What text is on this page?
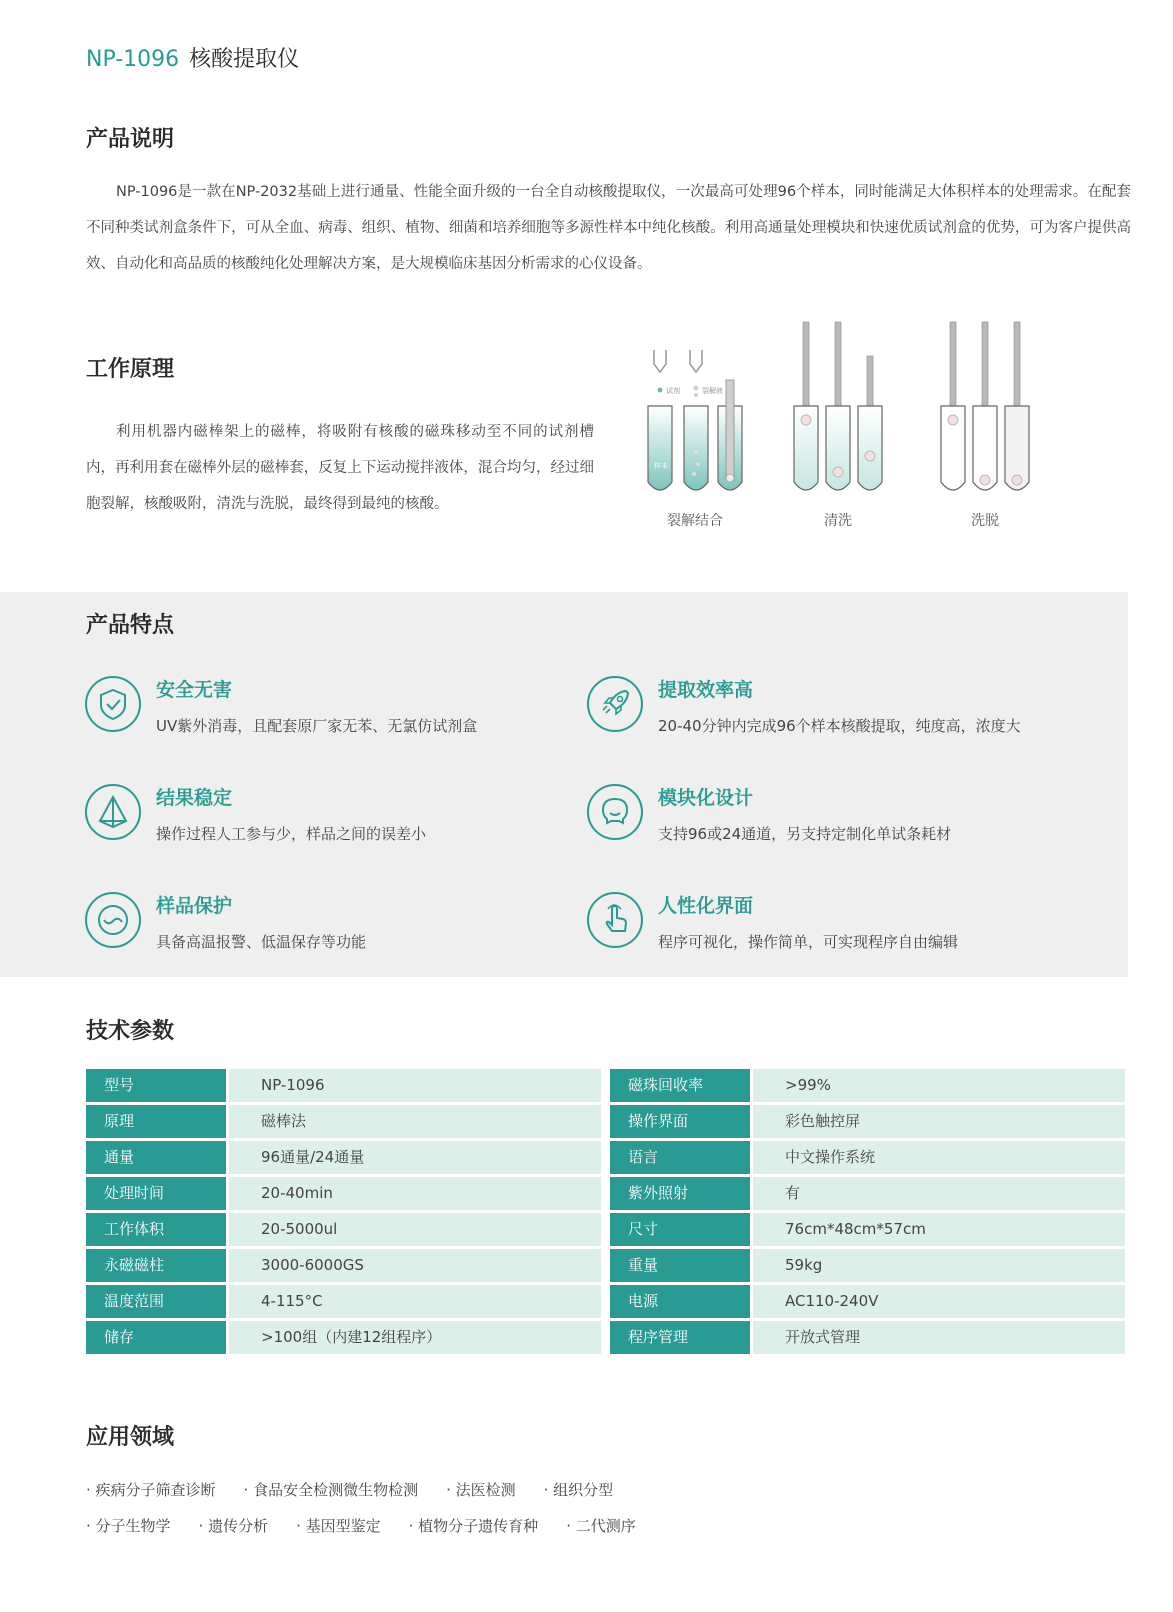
NP-1096 核酸提取仪
产品说明
NP-1096是一款在NP-2032基础上进行通量、性能全面升级的一台全自动核酸提取仪，一次最高可处理96个样本，同时能满足大体积样本的处理需求。在配套不同种类试剂盒条件下，可从全血、病毒、组织、植物、细菌和培养细胞等多源性样本中纯化核酸。利用高通量处理模块和快速优质试剂盒的优势，可为客户提供高效、自动化和高品质的核酸纯化处理解决方案，是大规模临床基因分析需求的心仪设备。
工作原理
利用机器内磁棒架上的磁棒，将吸附有核酸的磁珠移动至不同的试剂槽内，再利用套在磁棒外层的磁棒套，反复上下运动搅拌液体，混合均匀，经过细胞裂解，核酸吸附，清洗与洗脱，最终得到最纯的核酸。
试剂	裂解液
样本
裂解结合	清洗	洗脱
产品特点
安全无害
UV紫外消毒，且配套原厂家无苯、无氯仿试剂盒
提取效率高
20-40分钟内完成96个样本核酸提取，纯度高，浓度大
结果稳定
操作过程人工参与少，样品之间的误差小
模块化设计
支持96或24通道，另支持定制化单试条耗材
样品保护
具备高温报警、低温保存等功能
人性化界面
程序可视化，操作简单，可实现程序自由编辑
技术参数
型号	NP-1096
原理	磁棒法
通量	96通量/24通量
处理时间	20-40min
工作体积	20-5000ul
永磁磁柱	3000-6000GS
温度范围	4-115°C
储存	>100组（内建12组程序）
磁珠回收率	>99%
操作界面	彩色触控屏
语言	中文操作系统
紫外照射	有
尺寸	76cm*48cm*57cm
重量	59kg
电源	AC110-240V
程序管理	开放式管理
应用领域
· 疾病分子筛查诊断 · 食品安全检测微生物检测 · 法医检测 · 组织分型
· 分子生物学 · 遗传分析 · 基因型鉴定 · 植物分子遗传育种 · 二代测序
